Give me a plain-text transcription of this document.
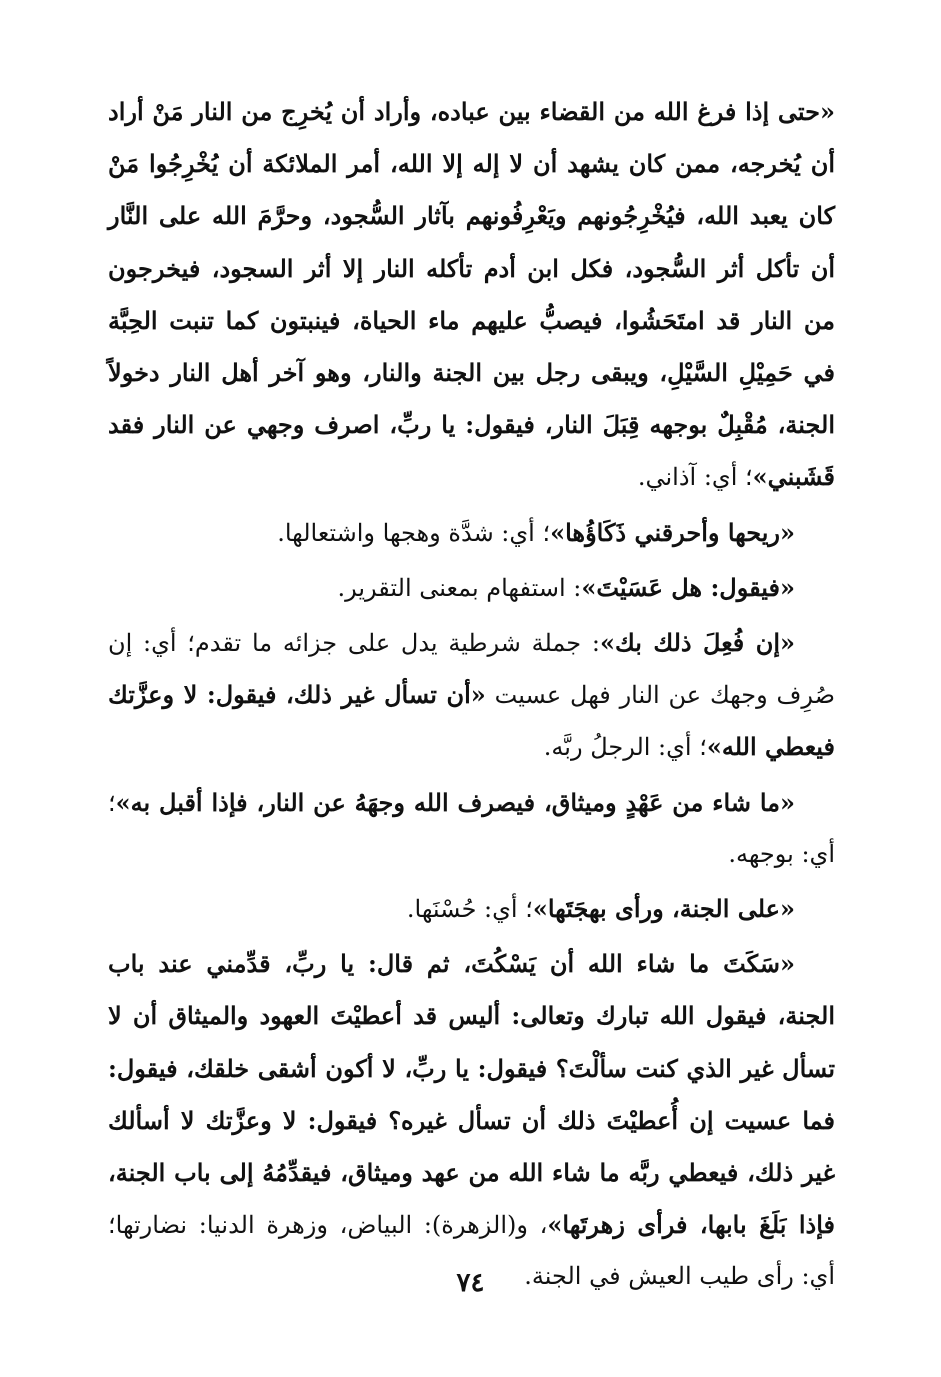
«حتى إذا فرغ الله من القضاء بين عباده، وأراد أن يُخرِج من النار مَنْ أراد أن يُخرجه، ممن كان يشهد أن لا إله إلا الله، أمر الملائكة أن يُخْرِجُوا مَنْ كان يعبد الله، فيُخْرِجُونهم ويَعْرِفُونهم بآثار السُّجود، وحرَّمَ الله على النَّار أن تأكل أثر السُّجود، فكل ابن أدم تأكله النار إلا أثر السجود، فيخرجون من النار قد امتَحَشُوا، فيصبُّ عليهم ماء الحياة، فينبتون كما تنبت الحِبَّة في حَمِيْلِ السَّيْلِ، ويبقى رجل بين الجنة والنار، وهو آخر أهل النار دخولاً الجنة، مُقْبِلٌ بوجهه قِبَلَ النار، فيقول: يا ربِّ، اصرف وجهي عن النار فقد قَشَبني»؛ أي: آذاني.

«ريحها وأحرقني ذَكَاؤُها»؛ أي: شدَّة وهجها واشتعالها.

«فيقول: هل عَسَيْتَ»: استفهام بمعنى التقرير.

«إن فُعِلَ ذلك بك»: جملة شرطية يدل على جزائه ما تقدم؛ أي: إن صُرِف وجهك عن النار فهل عسيت «أن تسأل غير ذلك، فيقول: لا وعزَّتك فيعطي الله»؛ أي: الرجلُ ربَّه.

«ما شاء من عَهْدٍ وميثاق، فيصرف الله وجهَهُ عن النار، فإذا أقبل به»؛ أي: بوجهه.

«على الجنة، ورأى بهجَتَها»؛ أي: حُسْنَها.

«سَكَتَ ما شاء الله أن يَسْكُتَ، ثم قال: يا ربِّ، قدِّمني عند باب الجنة، فيقول الله تبارك وتعالى: أليس قد أعطيْتَ العهود والميثاق أن لا تسأل غير الذي كنت سألْتَ؟ فيقول: يا ربِّ، لا أكون أشقى خلقك، فيقول: فما عسيت إن أُعطيْتَ ذلك أن تسأل غيره؟ فيقول: لا وعزَّتك لا أسألك غير ذلك، فيعطي ربَّه ما شاء الله من عهد وميثاق، فيقدِّمُهُ إلى باب الجنة، فإذا بَلَغَ بابها، فرأى زهرتَها»، و(الزهرة): البياض، وزهرة الدنيا: نضارتها؛ أي: رأى طيب العيش في الجنة.

٧٤
